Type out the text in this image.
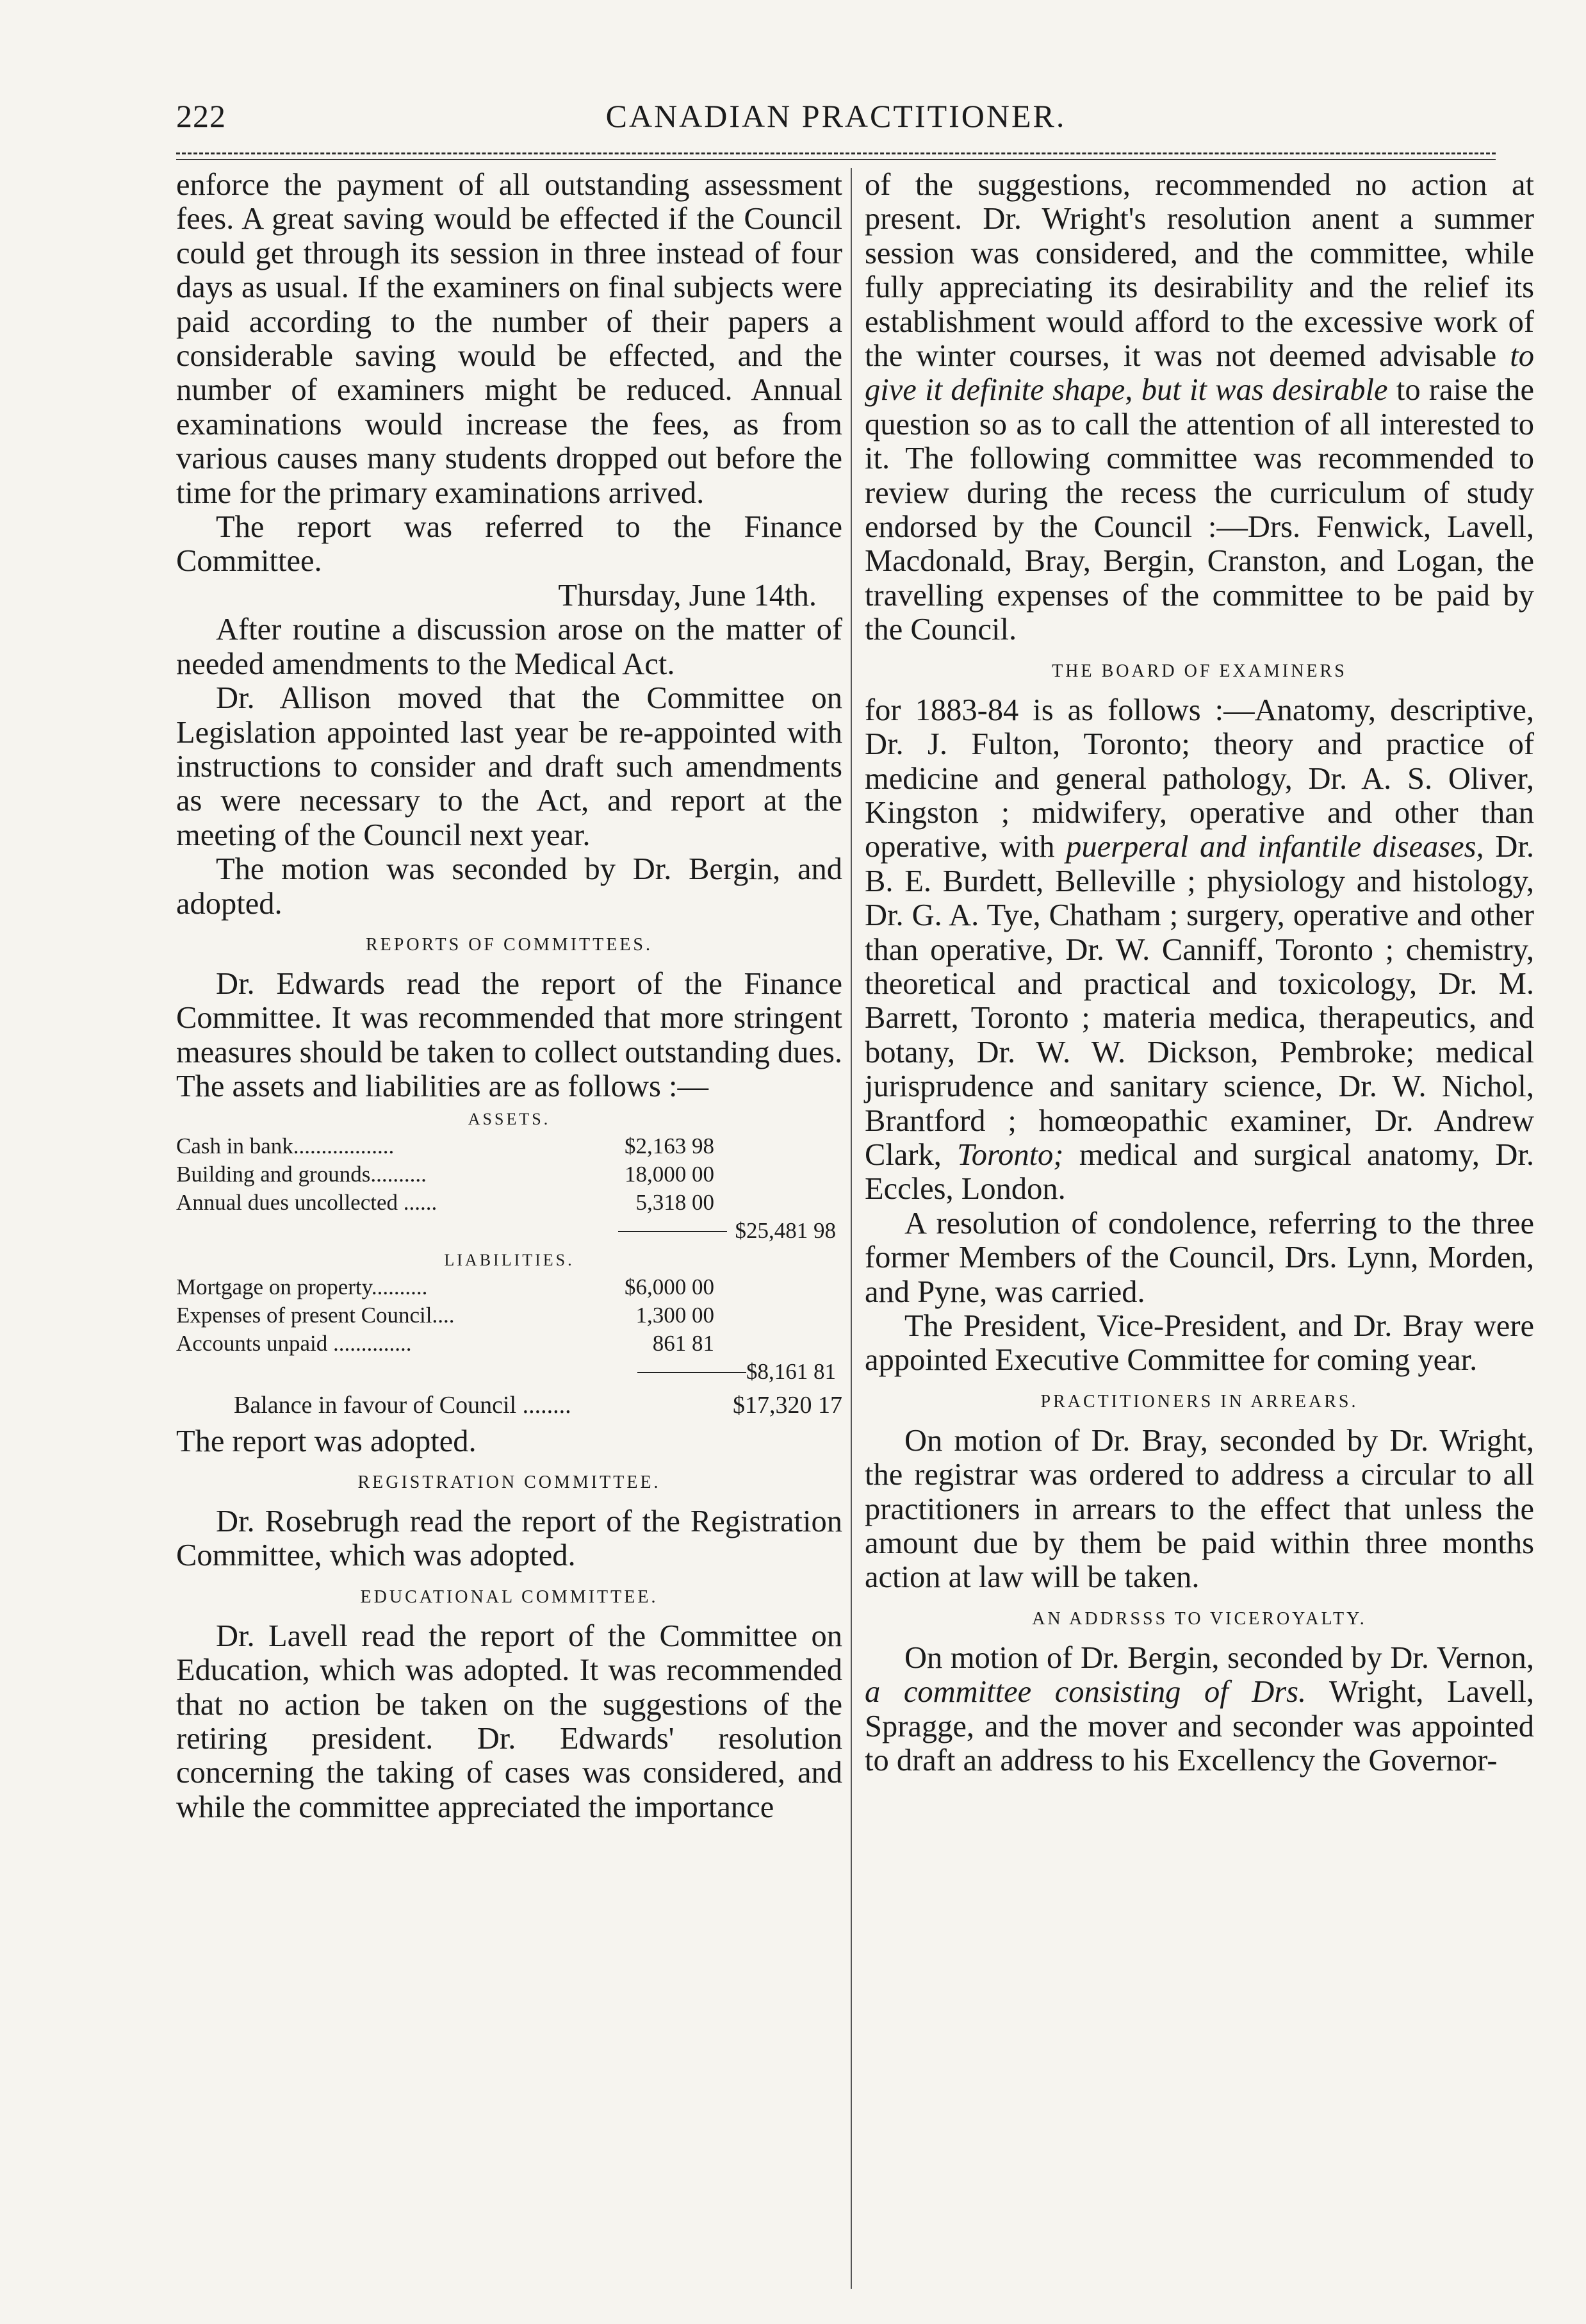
222	CANADIAN PRACTITIONER.

enforce the payment of all outstanding assessment fees. A great saving would be effected if the Council could get through its session in three instead of four days as usual. If the examiners on final subjects were paid according to the number of their papers a considerable saving would be effected, and the number of examiners might be reduced. Annual examinations would increase the fees, as from various causes many students dropped out before the time for the primary examinations arrived.

The report was referred to the Finance Committee.

Thursday, June 14th.

After routine a discussion arose on the matter of needed amendments to the Medical Act.

Dr. Allison moved that the Committee on Legislation appointed last year be re-appointed with instructions to consider and draft such amendments as were necessary to the Act, and report at the meeting of the Council next year.

The motion was seconded by Dr. Bergin, and adopted.

REPORTS OF COMMITTEES.

Dr. Edwards read the report of the Finance Committee. It was recommended that more stringent measures should be taken to collect outstanding dues. The assets and liabilities are as follows :—

ASSETS.
Cash in bank..................	$2,163 98
Building and grounds..........	18,000 00
Annual dues uncollected ......	5,318 00
$25,481 98
LIABILITIES.
Mortgage on property..........	$6,000 00
Expenses of present Council....	1,300 00
Accounts unpaid ..............	861 81
$8,161 81
Balance in favour of Council ........	$17,320 17

The report was adopted.

REGISTRATION COMMITTEE.

Dr. Rosebrugh read the report of the Registration Committee, which was adopted.

EDUCATIONAL COMMITTEE.

Dr. Lavell read the report of the Committee on Education, which was adopted. It was recommended that no action be taken on the suggestions of the retiring president. Dr. Edwards' resolution concerning the taking of cases was considered, and while the committee appreciated the importance

of the suggestions, recommended no action at present. Dr. Wright's resolution anent a summer session was considered, and the committee, while fully appreciating its desirability and the relief its establishment would afford to the excessive work of the winter courses, it was not deemed advisable to give it definite shape, but it was desirable to raise the question so as to call the attention of all interested to it. The following committee was recommended to review during the recess the curriculum of study endorsed by the Council :—Drs. Fenwick, Lavell, Macdonald, Bray, Bergin, Cranston, and Logan, the travelling expenses of the committee to be paid by the Council.

THE BOARD OF EXAMINERS

for 1883-84 is as follows :—Anatomy, descriptive, Dr. J. Fulton, Toronto; theory and practice of medicine and general pathology, Dr. A. S. Oliver, Kingston ; midwifery, operative and other than operative, with puerperal and infantile diseases, Dr. B. E. Burdett, Belleville ; physiology and histology, Dr. G. A. Tye, Chatham ; surgery, operative and other than operative, Dr. W. Canniff, Toronto ; chemistry, theoretical and practical and toxicology, Dr. M. Barrett, Toronto ; materia medica, therapeutics, and botany, Dr. W. W. Dickson, Pembroke; medical jurisprudence and sanitary science, Dr. W. Nichol, Brantford ; homœopathic examiner, Dr. Andrew Clark, Toronto; medical and surgical anatomy, Dr. Eccles, London.

A resolution of condolence, referring to the three former Members of the Council, Drs. Lynn, Morden, and Pyne, was carried.

The President, Vice-President, and Dr. Bray were appointed Executive Committee for coming year.

PRACTITIONERS IN ARREARS.

On motion of Dr. Bray, seconded by Dr. Wright, the registrar was ordered to address a circular to all practitioners in arrears to the effect that unless the amount due by them be paid within three months action at law will be taken.

AN ADDRSSS TO VICEROYALTY.

On motion of Dr. Bergin, seconded by Dr. Vernon, a committee consisting of Drs. Wright, Lavell, Spragge, and the mover and seconder was appointed to draft an address to his Excellency the Governor-
